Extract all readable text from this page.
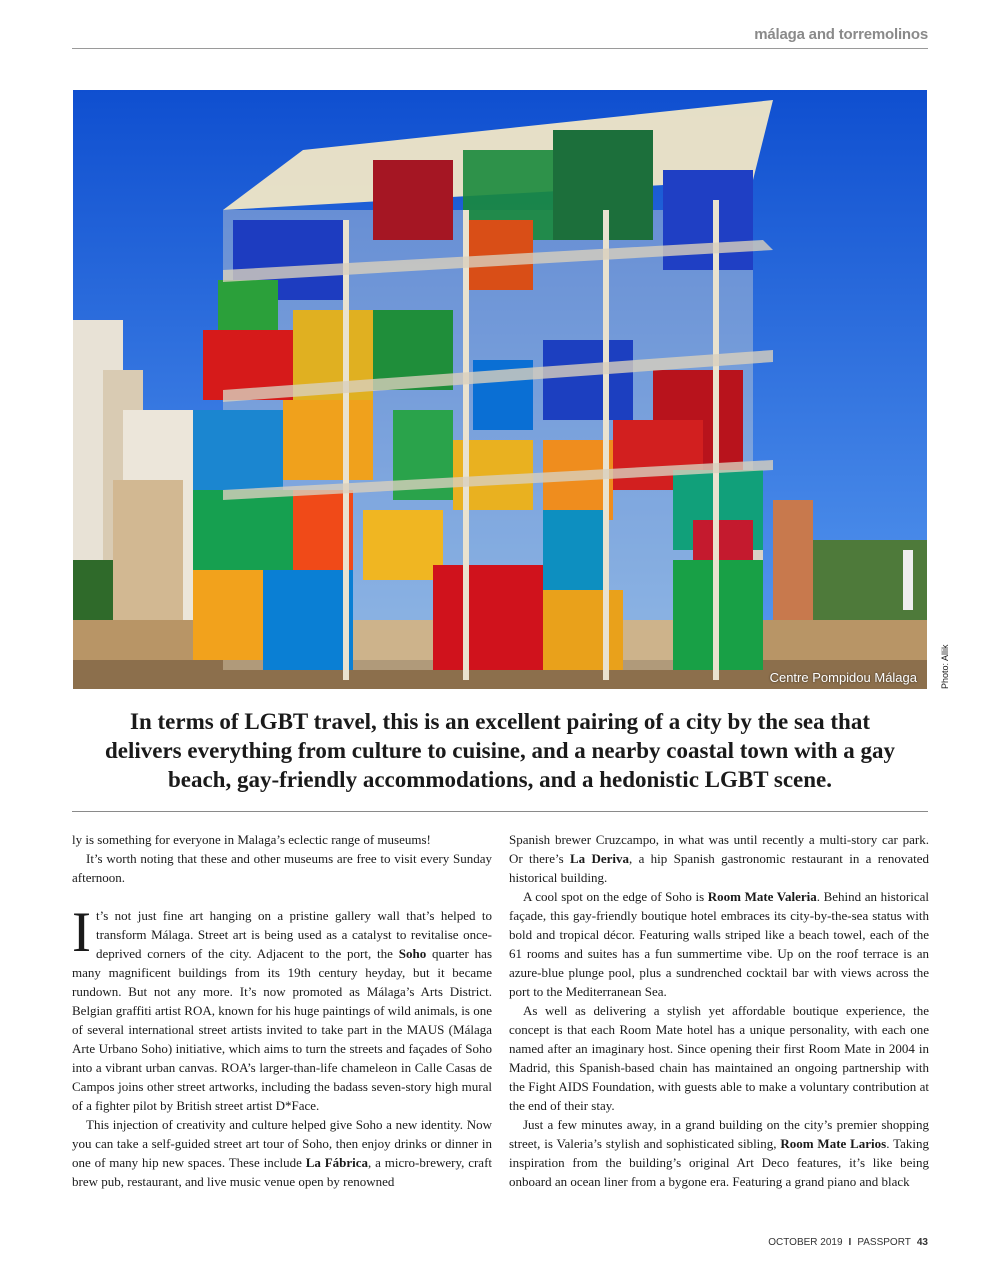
málaga and torremolinos
Centre Pompidou Málaga	Photo: Allik
In terms of LGBT travel, this is an excellent pairing of a city by the sea that delivers everything from culture to cuisine, and a nearby coastal town with a gay beach, gay-friendly accommodations, and a hedonistic LGBT scene.

ly is something for everyone in Malaga’s eclectic range of museums!

It’s worth noting that these and other museums are free to visit every Sunday afternoon.

It’s not just fine art hanging on a pristine gallery wall that’s helped to transform Málaga. Street art is being used as a catalyst to revitalise once-deprived corners of the city. Adjacent to the port, the Soho quarter has many magnificent buildings from its 19th century heyday, but it became rundown. But not any more. It’s now promoted as Málaga’s Arts District. Belgian graffiti artist ROA, known for his huge paintings of wild animals, is one of several international street artists invited to take part in the MAUS (Málaga Arte Urbano Soho) initiative, which aims to turn the streets and façades of Soho into a vibrant urban canvas. ROA’s larger-than-life chameleon in Calle Casas de Campos joins other street artworks, including the badass seven-story high mural of a fighter pilot by British street artist D*Face.

This injection of creativity and culture helped give Soho a new identity. Now you can take a self-guided street art tour of Soho, then enjoy drinks or dinner in one of many hip new spaces. These include La Fábrica, a micro-brewery, craft brew pub, restaurant, and live music venue open by renowned

Spanish brewer Cruzcampo, in what was until recently a multi-story car park. Or there’s La Deriva, a hip Spanish gastronomic restaurant in a renovated historical building.

A cool spot on the edge of Soho is Room Mate Valeria. Behind an historical façade, this gay-friendly boutique hotel embraces its city-by-the-sea status with bold and tropical décor. Featuring walls striped like a beach towel, each of the 61 rooms and suites has a fun summertime vibe. Up on the roof terrace is an azure-blue plunge pool, plus a sundrenched cocktail bar with views across the port to the Mediterranean Sea.

As well as delivering a stylish yet affordable boutique experience, the concept is that each Room Mate hotel has a unique personality, with each one named after an imaginary host. Since opening their first Room Mate in 2004 in Madrid, this Spanish-based chain has maintained an ongoing partnership with the Fight AIDS Foundation, with guests able to make a voluntary contribution at the end of their stay.

Just a few minutes away, in a grand building on the city’s premier shopping street, is Valeria’s stylish and sophisticated sibling, Room Mate Larios. Taking inspiration from the building’s original Art Deco features, it’s like being onboard an ocean liner from a bygone era. Featuring a grand piano and black

OCTOBER 2019 I PASSPORT 43
